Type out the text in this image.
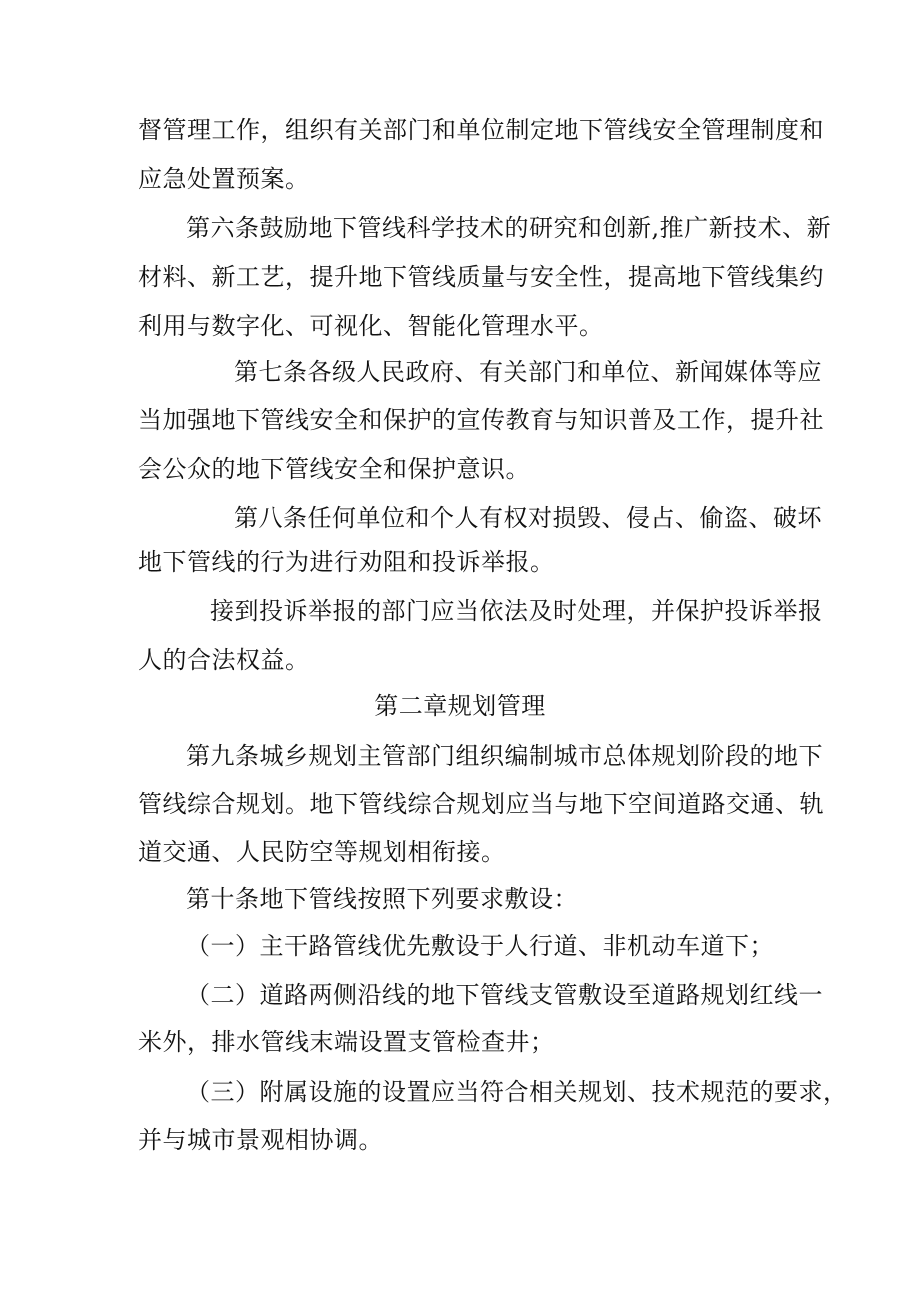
督管理工作，组织有关部门和单位制定地下管线安全管理制度和
应急处置预案。
第六条鼓励地下管线科学技术的研究和创新,推广新技术、新
材料、新工艺，提升地下管线质量与安全性，提高地下管线集约
利用与数字化、可视化、智能化管理水平。
第七条各级人民政府、有关部门和单位、新闻媒体等应
当加强地下管线安全和保护的宣传教育与知识普及工作，提升社
会公众的地下管线安全和保护意识。
第八条任何单位和个人有权对损毁、侵占、偷盗、破坏
地下管线的行为进行劝阻和投诉举报。
接到投诉举报的部门应当依法及时处理，并保护投诉举报
人的合法权益。
第二章规划管理
第九条城乡规划主管部门组织编制城市总体规划阶段的地下
管线综合规划。地下管线综合规划应当与地下空间道路交通、轨
道交通、人民防空等规划相衔接。
第十条地下管线按照下列要求敷设：
（一）主干路管线优先敷设于人行道、非机动车道下；
（二）道路两侧沿线的地下管线支管敷设至道路规划红线一
米外，排水管线末端设置支管检查井；
（三）附属设施的设置应当符合相关规划、技术规范的要求，
并与城市景观相协调。
